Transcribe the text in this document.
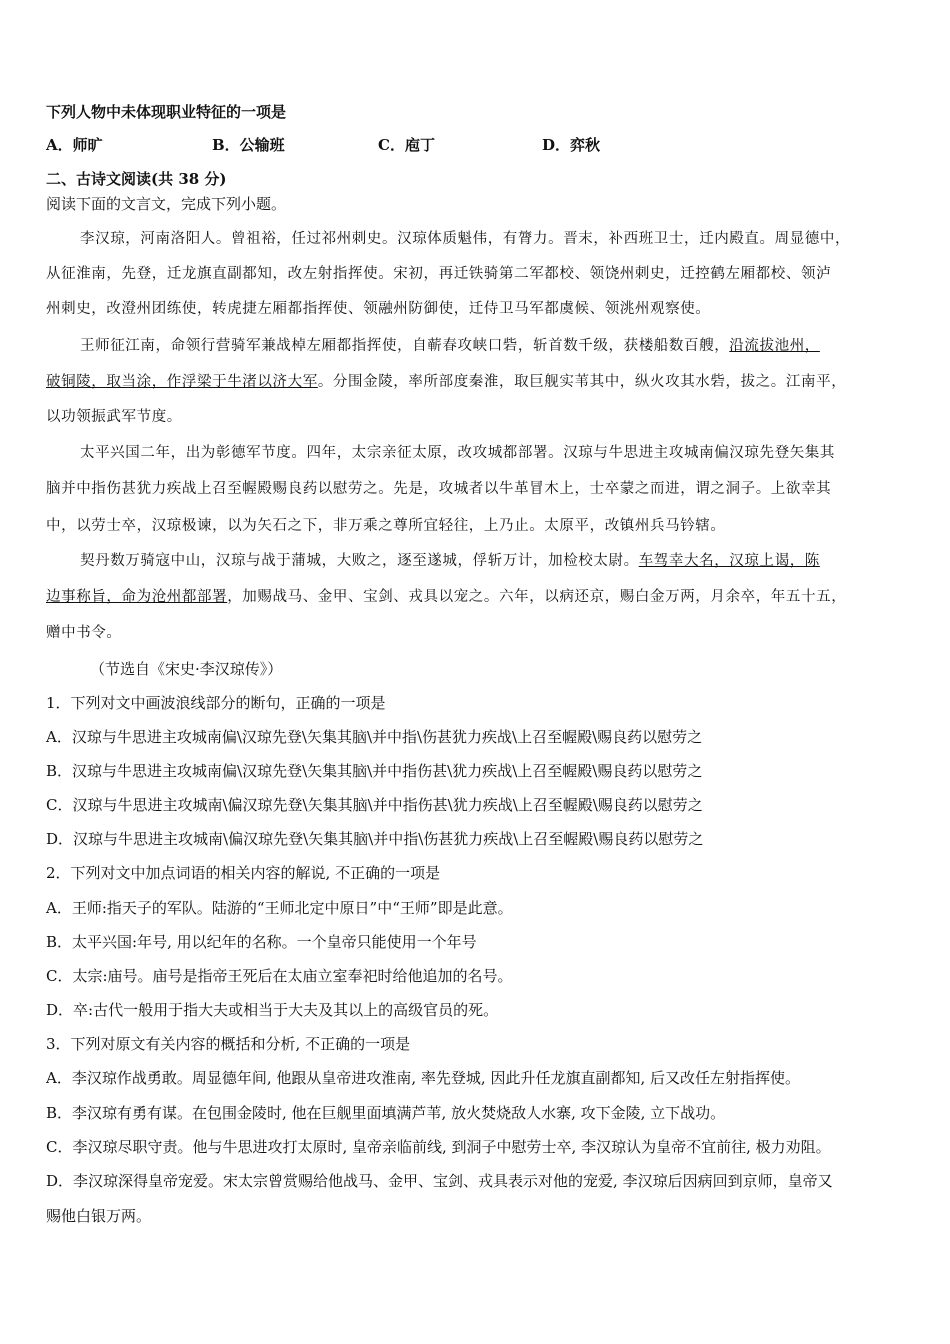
下列人物中未体现职业特征的一项是
A．师旷	B．公输班	C．庖丁	D．弈秋
二、古诗文阅读(共 38 分)
阅读下面的文言文，完成下列小题。
李汉琼，河南洛阳人。曾祖裕，任过祁州刺史。汉琼体质魁伟，有膂力。晋末，补西班卫士，迁内殿直。周显德中，
从征淮南，先登，迁龙旗直副都知，改左射指挥使。宋初，再迁铁骑第二军都校、领饶州刺史，迁控鹤左厢都校、领泸
州刺史，改澄州团练使，转虎捷左厢都指挥使、领融州防御使，迁侍卫马军都虞候、领洮州观察使。
王师征江南，命领行营骑军兼战棹左厢都指挥使，自蕲春攻峡口砦，斩首数千级，获楼船数百艘，沿流拔池州，
破铜陵，取当涂，作浮梁于牛渚以济大军。分围金陵，率所部度秦淮，取巨舰实苇其中，纵火攻其水砦，拔之。江南平，
以功领振武军节度。
太平兴国二年，出为彰德军节度。四年，太宗亲征太原，改攻城都部署。汉琼与牛思进主攻城南偏汉琼先登矢集其
脑并中指伤甚犹力疾战上召至幄殿赐良药以慰劳之。先是，攻城者以牛革冒木上，士卒蒙之而进，谓之洞子。上欲幸其
中，以劳士卒，汉琼极谏，以为矢石之下，非万乘之尊所宜轻往，上乃止。太原平，改镇州兵马钤辖。
契丹数万骑寇中山，汉琼与战于蒲城，大败之，逐至遂城，俘斩万计，加检校太尉。车驾幸大名，汉琼上谒，陈
边事称旨，命为沧州都部署，加赐战马、金甲、宝剑、戎具以宠之。六年，以病还京，赐白金万两，月余卒，年五十五，
赠中书令。
（节选自《宋史·李汉琼传》）
1．下列对文中画波浪线部分的断句，正确的一项是
A．汉琼与牛思进主攻城南偏\汉琼先登\矢集其脑\并中指\伤甚犹力疾战\上召至幄殿\赐良药以慰劳之
B．汉琼与牛思进主攻城南偏\汉琼先登\矢集其脑\并中指伤甚\犹力疾战\上召至幄殿\赐良药以慰劳之
C．汉琼与牛思进主攻城南\偏汉琼先登\矢集其脑\并中指伤甚\犹力疾战\上召至幄殿\赐良药以慰劳之
D．汉琼与牛思进主攻城南\偏汉琼先登\矢集其脑\并中指\伤甚犹力疾战\上召至幄殿\赐良药以慰劳之
2．下列对文中加点词语的相关内容的解说, 不正确的一项是
A．王师:指天子的军队。陆游的“王师北定中原日”中“王师”即是此意。
B．太平兴国:年号, 用以纪年的名称。一个皇帝只能使用一个年号
C．太宗:庙号。庙号是指帝王死后在太庙立室奉祀时给他追加的名号。
D．卒:古代一般用于指大夫或相当于大夫及其以上的高级官员的死。
3．下列对原文有关内容的概括和分析, 不正确的一项是
A．李汉琼作战勇敢。周显德年间, 他跟从皇帝进攻淮南, 率先登城, 因此升任龙旗直副都知, 后又改任左射指挥使。
B．李汉琼有勇有谋。在包围金陵时, 他在巨舰里面填满芦苇, 放火焚烧敌人水寨, 攻下金陵, 立下战功。
C．李汉琼尽职守责。他与牛思进攻打太原时, 皇帝亲临前线, 到洞子中慰劳士卒, 李汉琼认为皇帝不宜前往, 极力劝阻。
D．李汉琼深得皇帝宠爱。宋太宗曾赏赐给他战马、金甲、宝剑、戎具表示对他的宠爱, 李汉琼后因病回到京师，皇帝又
赐他白银万两。
